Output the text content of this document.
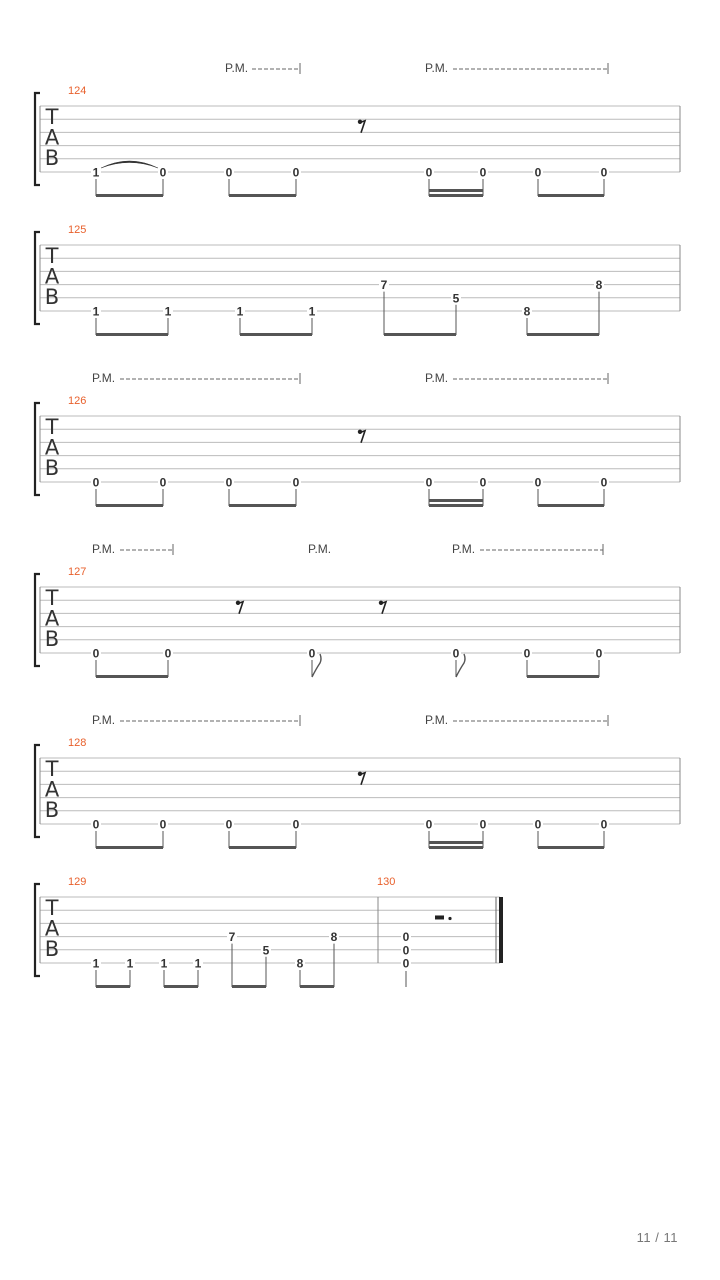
T
A
B
124
1	0	0	0	0	0	0	0
P.M.	P.M.
T
A
B
125
1	1	1	1
7
5
8
8
T
A
B
126
0	0	0	0	0	0	0	0
P.M.	P.M.
T
A
B
127
0	0	0	0	0	0
P.M.	P.M.	P.M.
T
A
B
128
0	0	0	0	0	0	0	0
P.M.	P.M.
T
A
B
129	130
1 1 1 1
7
5
8
8	0
0
0
11 / 11
